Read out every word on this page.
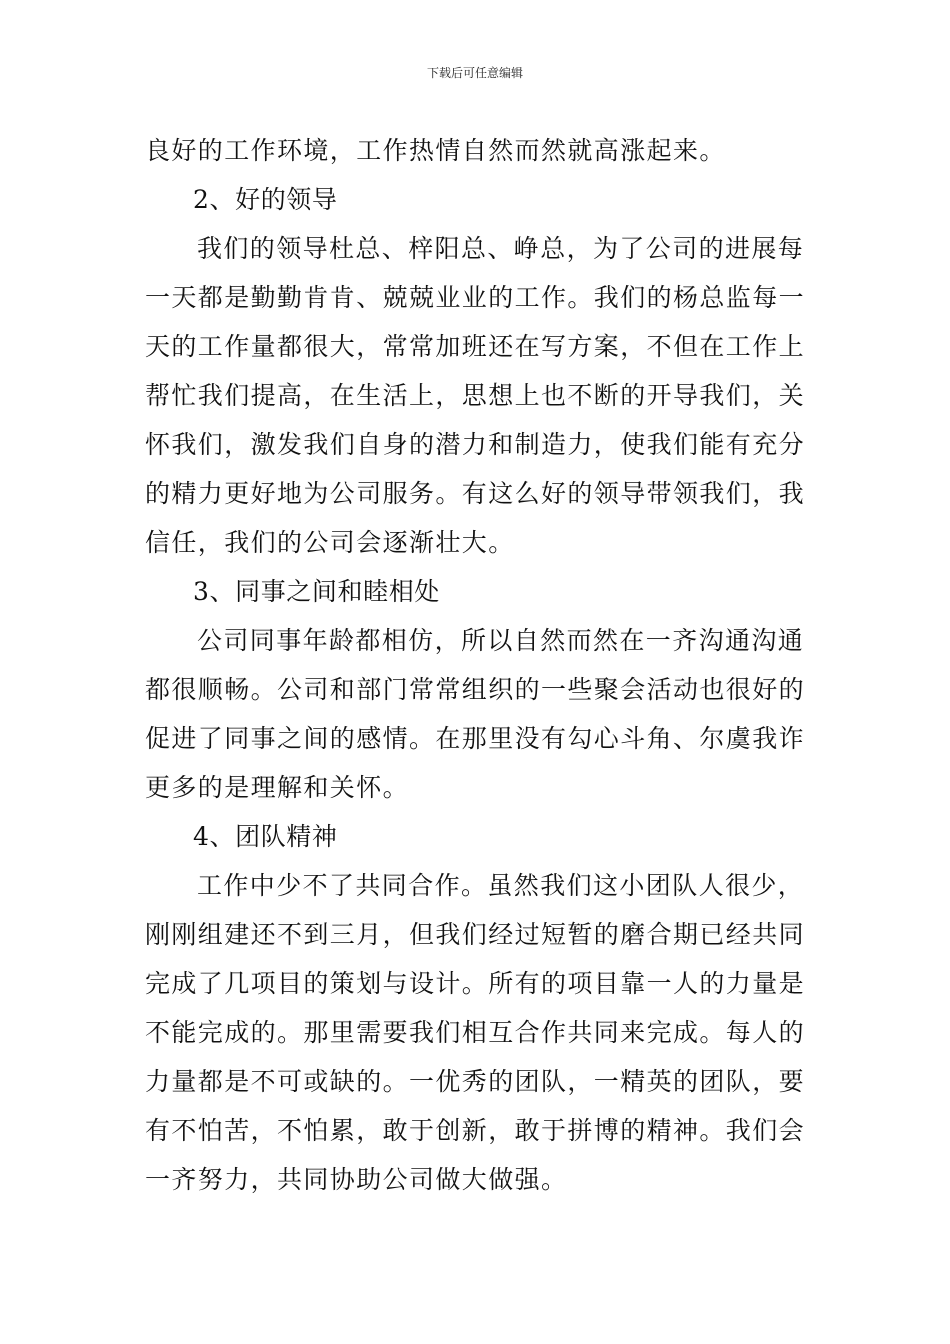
下载后可任意编辑
良好的工作环境，工作热情自然而然就高涨起来。
2、好的领导
我们的领导杜总、梓阳总、峥总，为了公司的进展每
一天都是勤勤肯肯、兢兢业业的工作。我们的杨总监每一
天的工作量都很大，常常加班还在写方案，不但在工作上
帮忙我们提高，在生活上，思想上也不断的开导我们，关
怀我们，激发我们自身的潜力和制造力，使我们能有充分
的精力更好地为公司服务。有这么好的领导带领我们，我
信任，我们的公司会逐渐壮大。
3、同事之间和睦相处
公司同事年龄都相仿，所以自然而然在一齐沟通沟通
都很顺畅。公司和部门常常组织的一些聚会活动也很好的
促进了同事之间的感情。在那里没有勾心斗角、尔虞我诈
更多的是理解和关怀。
4、团队精神
工作中少不了共同合作。虽然我们这小团队人很少，
刚刚组建还不到三月，但我们经过短暂的磨合期已经共同
完成了几项目的策划与设计。所有的项目靠一人的力量是
不能完成的。那里需要我们相互合作共同来完成。每人的
力量都是不可或缺的。一优秀的团队，一精英的团队，要
有不怕苦，不怕累，敢于创新，敢于拼博的精神。我们会
一齐努力，共同协助公司做大做强。
